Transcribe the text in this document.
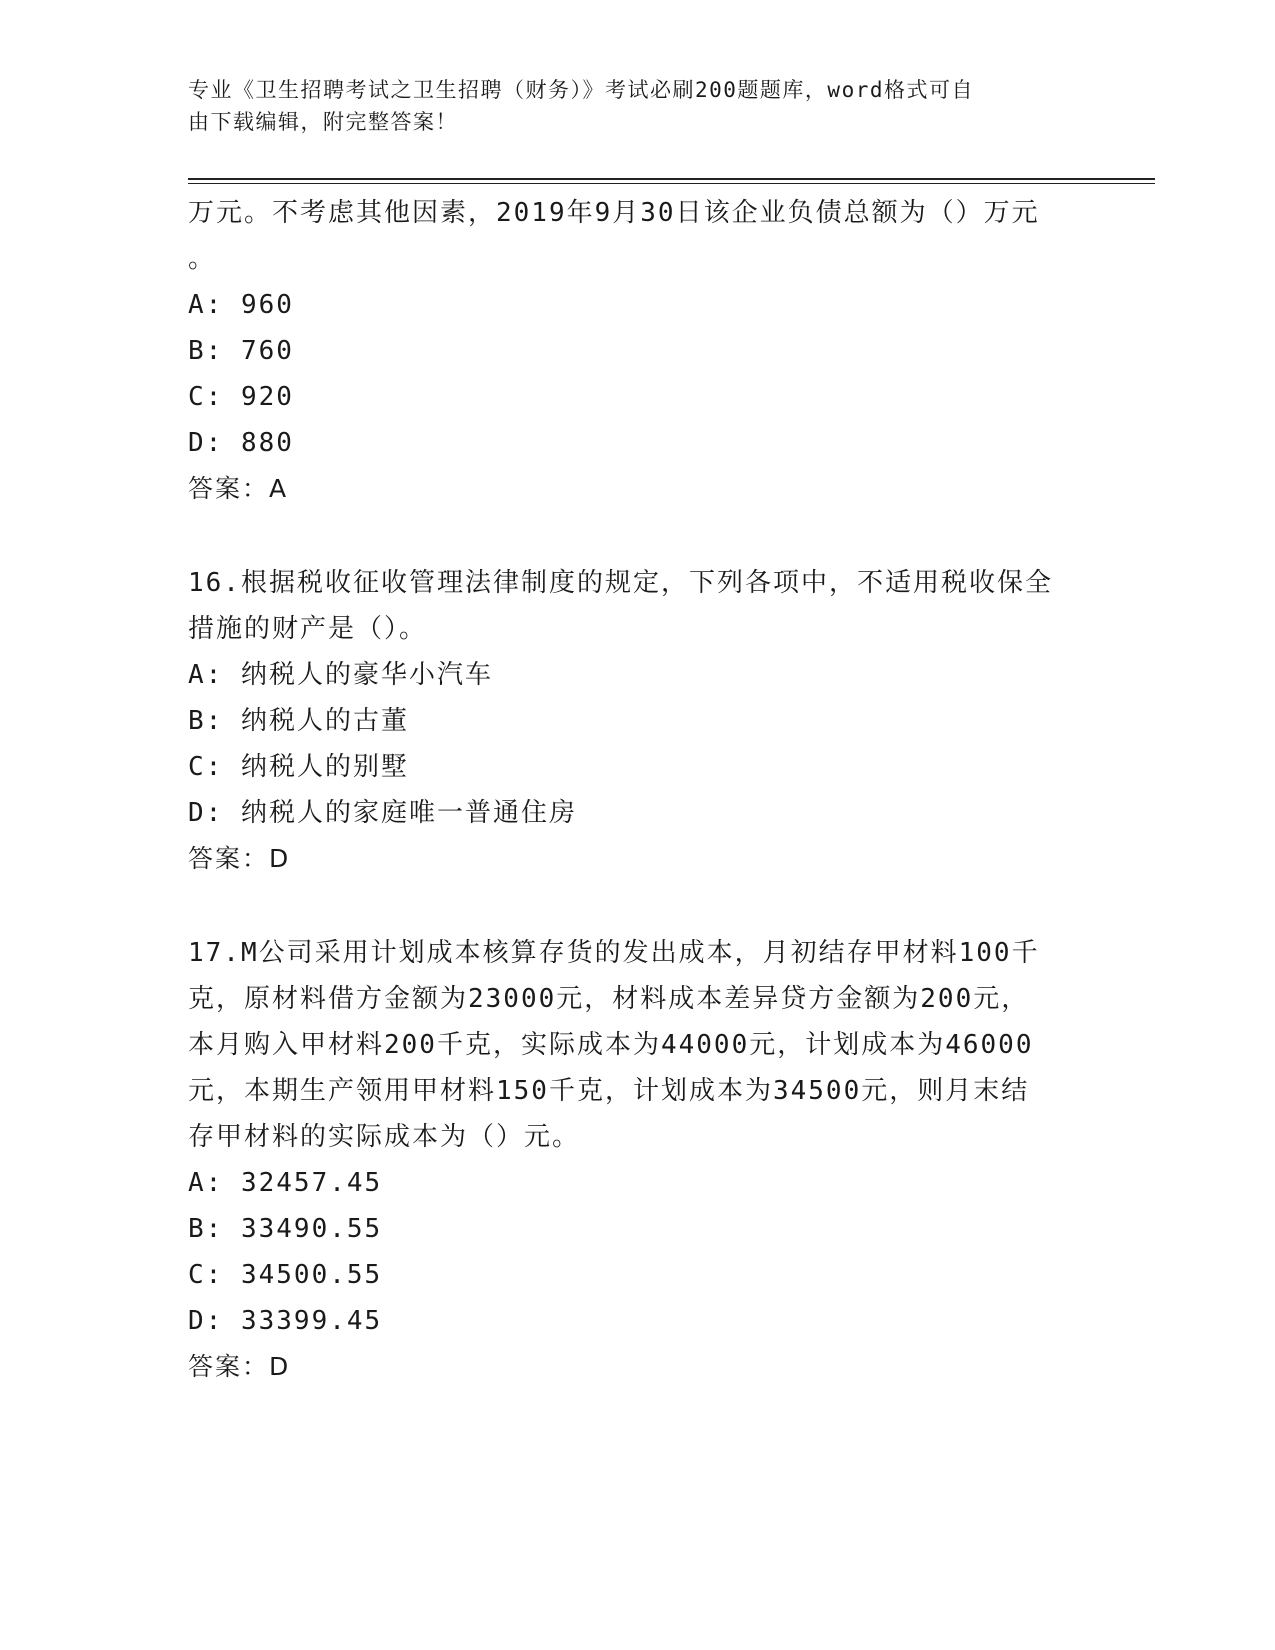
专业《卫生招聘考试之卫生招聘（财务）》考试必刷200题题库，word格式可自
由下载编辑，附完整答案！
万元。不考虑其他因素，2019年9月30日该企业负债总额为（）万元
。
A: 960
B: 760
C: 920
D: 880
答案：A
16.根据税收征收管理法律制度的规定，下列各项中，不适用税收保全
措施的财产是（）。
A: 纳税人的豪华小汽车
B: 纳税人的古董
C: 纳税人的别墅
D: 纳税人的家庭唯一普通住房
答案：D
17.M公司采用计划成本核算存货的发出成本，月初结存甲材料100千
克，原材料借方金额为23000元，材料成本差异贷方金额为200元，
本月购入甲材料200千克，实际成本为44000元，计划成本为46000
元，本期生产领用甲材料150千克，计划成本为34500元，则月末结
存甲材料的实际成本为（）元。
A: 32457.45
B: 33490.55
C: 34500.55
D: 33399.45
答案：D
